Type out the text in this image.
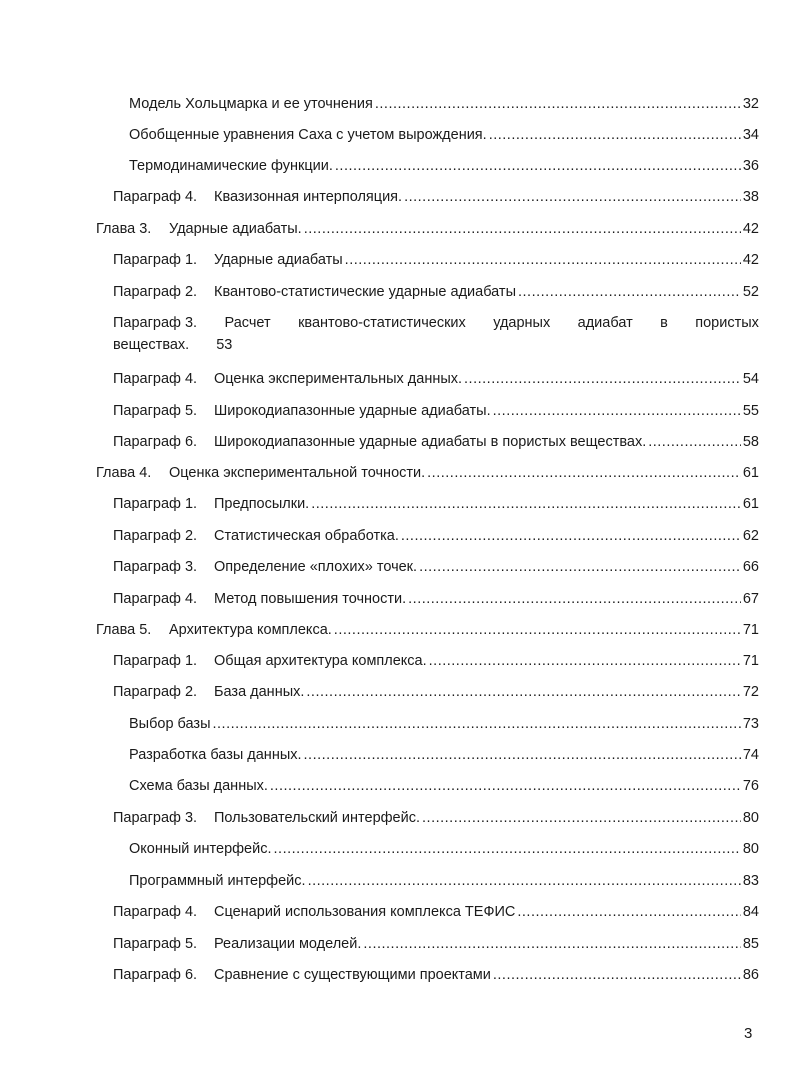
Модель Хольцмарка и ее уточнения .....	32
Обобщенные уравнения Саха с учетом вырождения. .....	34
Термодинамические функции. .....	36
Параграф 4.	Квазизонная интерполяция. .....	38
Глава 3.	Ударные адиабаты. .....	42
Параграф 1.	Ударные адиабаты .....	42
Параграф 2.	Квантово-статистические ударные адиабаты .....	52
Параграф 3. Расчет квантово-статистических ударных адиабат в пористых
веществах. 53
Параграф 4.	Оценка экспериментальных данных. .....	54
Параграф 5.	Широкодиапазонные ударные адиабаты. .....	55
Параграф 6.	Широкодиапазонные ударные адиабаты в пористых веществах. .....	58
Глава 4.	Оценка экспериментальной точности. .....	61
Параграф 1.	Предпосылки. .....	61
Параграф 2.	Статистическая обработка. .....	62
Параграф 3.	Определение «плохих» точек. .....	66
Параграф 4.	Метод повышения точности. .....	67
Глава 5.	Архитектура комплекса. .....	71
Параграф 1.	Общая архитектура комплекса. .....	71
Параграф 2.	База данных. .....	72
Выбор базы .....	73
Разработка базы данных. .....	74
Схема базы данных. .....	76
Параграф 3.	Пользовательский интерфейс. .....	80
Оконный интерфейс. .....	80
Программный интерфейс. .....	83
Параграф 4.	Сценарий использования комплекса ТЕФИС .....	84
Параграф 5.	Реализации моделей. .....	85
Параграф 6.	Сравнение с существующими проектами .....	86
3
